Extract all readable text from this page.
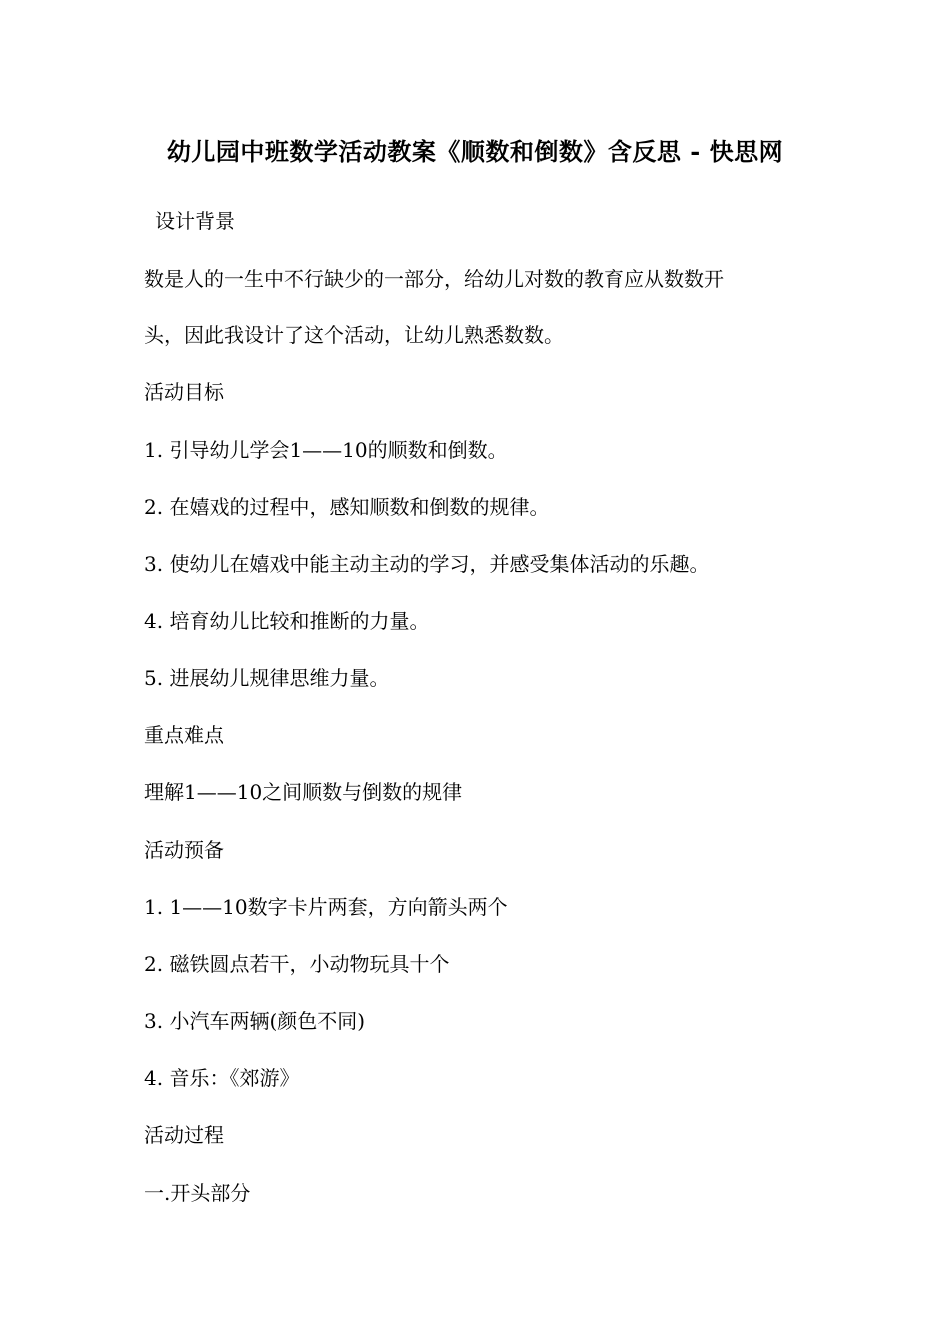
幼儿园中班数学活动教案《顺数和倒数》含反思 - 快思网
设计背景
数是人的一生中不行缺少的一部分，给幼儿对数的教育应从数数开
头，因此我设计了这个活动，让幼儿熟悉数数。
活动目标
1. 引导幼儿学会1——10的顺数和倒数。
2. 在嬉戏的过程中，感知顺数和倒数的规律。
3. 使幼儿在嬉戏中能主动主动的学习，并感受集体活动的乐趣。
4. 培育幼儿比较和推断的力量。
5. 进展幼儿规律思维力量。
重点难点
理解1——10之间顺数与倒数的规律
活动预备
1. 1——10数字卡片两套，方向箭头两个
2. 磁铁圆点若干，小动物玩具十个
3. 小汽车两辆(颜色不同)
4. 音乐：《郊游》
活动过程
一.开头部分
